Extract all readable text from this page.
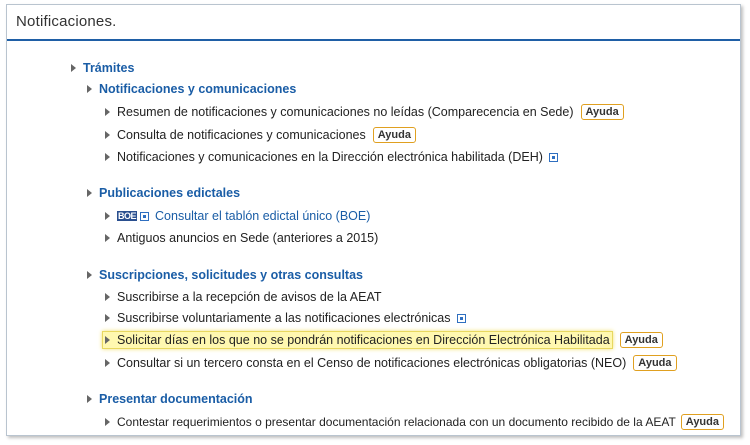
Notificaciones.
Trámites
Notificaciones y comunicaciones
Resumen de notificaciones y comunicaciones no leídas (Comparecencia en Sede)	Ayuda
Consulta de notificaciones y comunicaciones	Ayuda
Notificaciones y comunicaciones en la Dirección electrónica habilitada (DEH)
Publicaciones edictales
BOE Consultar el tablón edictal único (BOE)
Antiguos anuncios en Sede (anteriores a 2015)
Suscripciones, solicitudes y otras consultas
Suscribirse a la recepción de avisos de la AEAT
Suscribirse voluntariamente a las notificaciones electrónicas
Solicitar días en los que no se pondrán notificaciones en Dirección Electrónica Habilitada	Ayuda
Consultar si un tercero consta en el Censo de notificaciones electrónicas obligatorias (NEO)	Ayuda
Presentar documentación
Contestar requerimientos o presentar documentación relacionada con un documento recibido de la AEAT Ayuda
